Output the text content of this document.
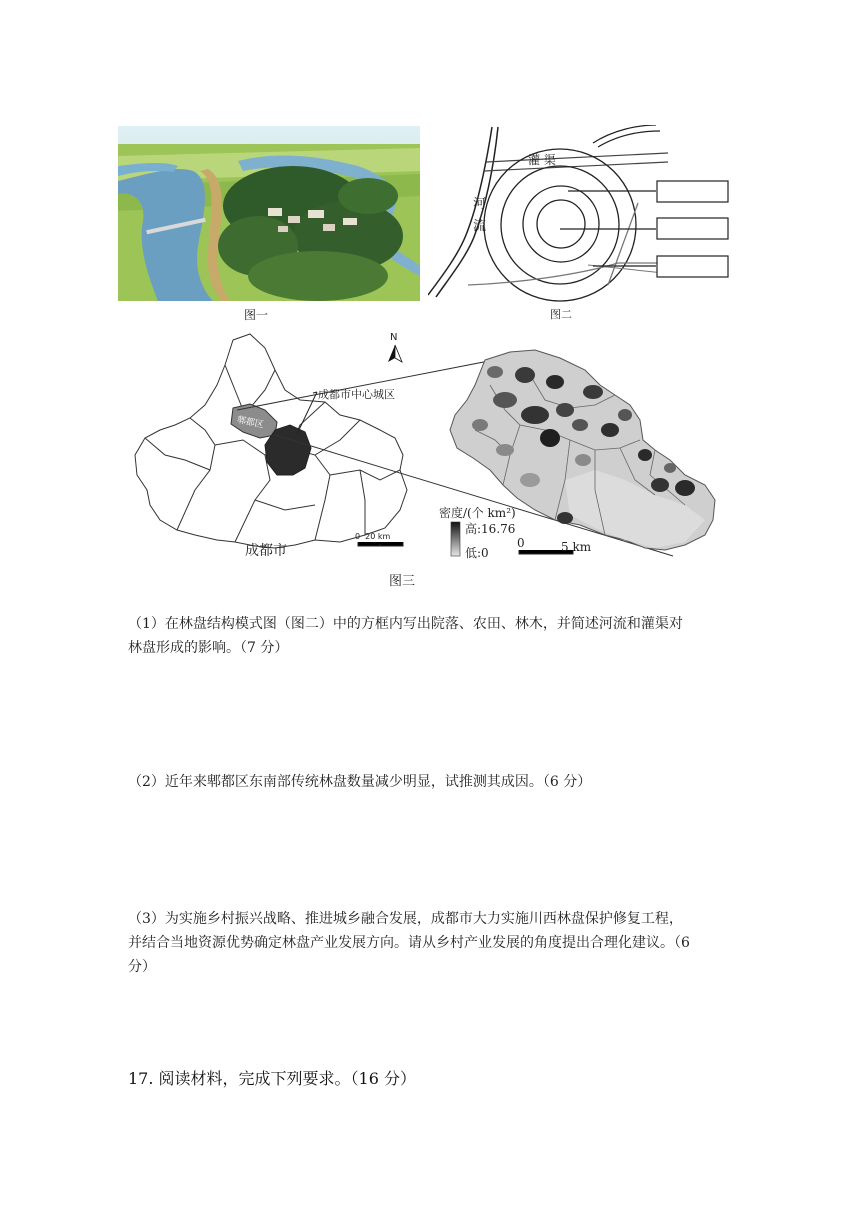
图一
灌 渠
河
流
图二
N
成都市中心城区
郫都区
成都市
0  20 km
密度/(个 km²)
高:16.76
低:0
0	5 km
图三
（1）在林盘结构模式图（图二）中的方框内写出院落、农田、林木，并简述河流和灌渠对
林盘形成的影响。（7 分）
（2）近年来郫都区东南部传统林盘数量减少明显，试推测其成因。（6 分）
（3）为实施乡村振兴战略、推进城乡融合发展，成都市大力实施川西林盘保护修复工程，
并结合当地资源优势确定林盘产业发展方向。请从乡村产业发展的角度提出合理化建议。（6
分）
17. 阅读材料，完成下列要求。（16 分）
